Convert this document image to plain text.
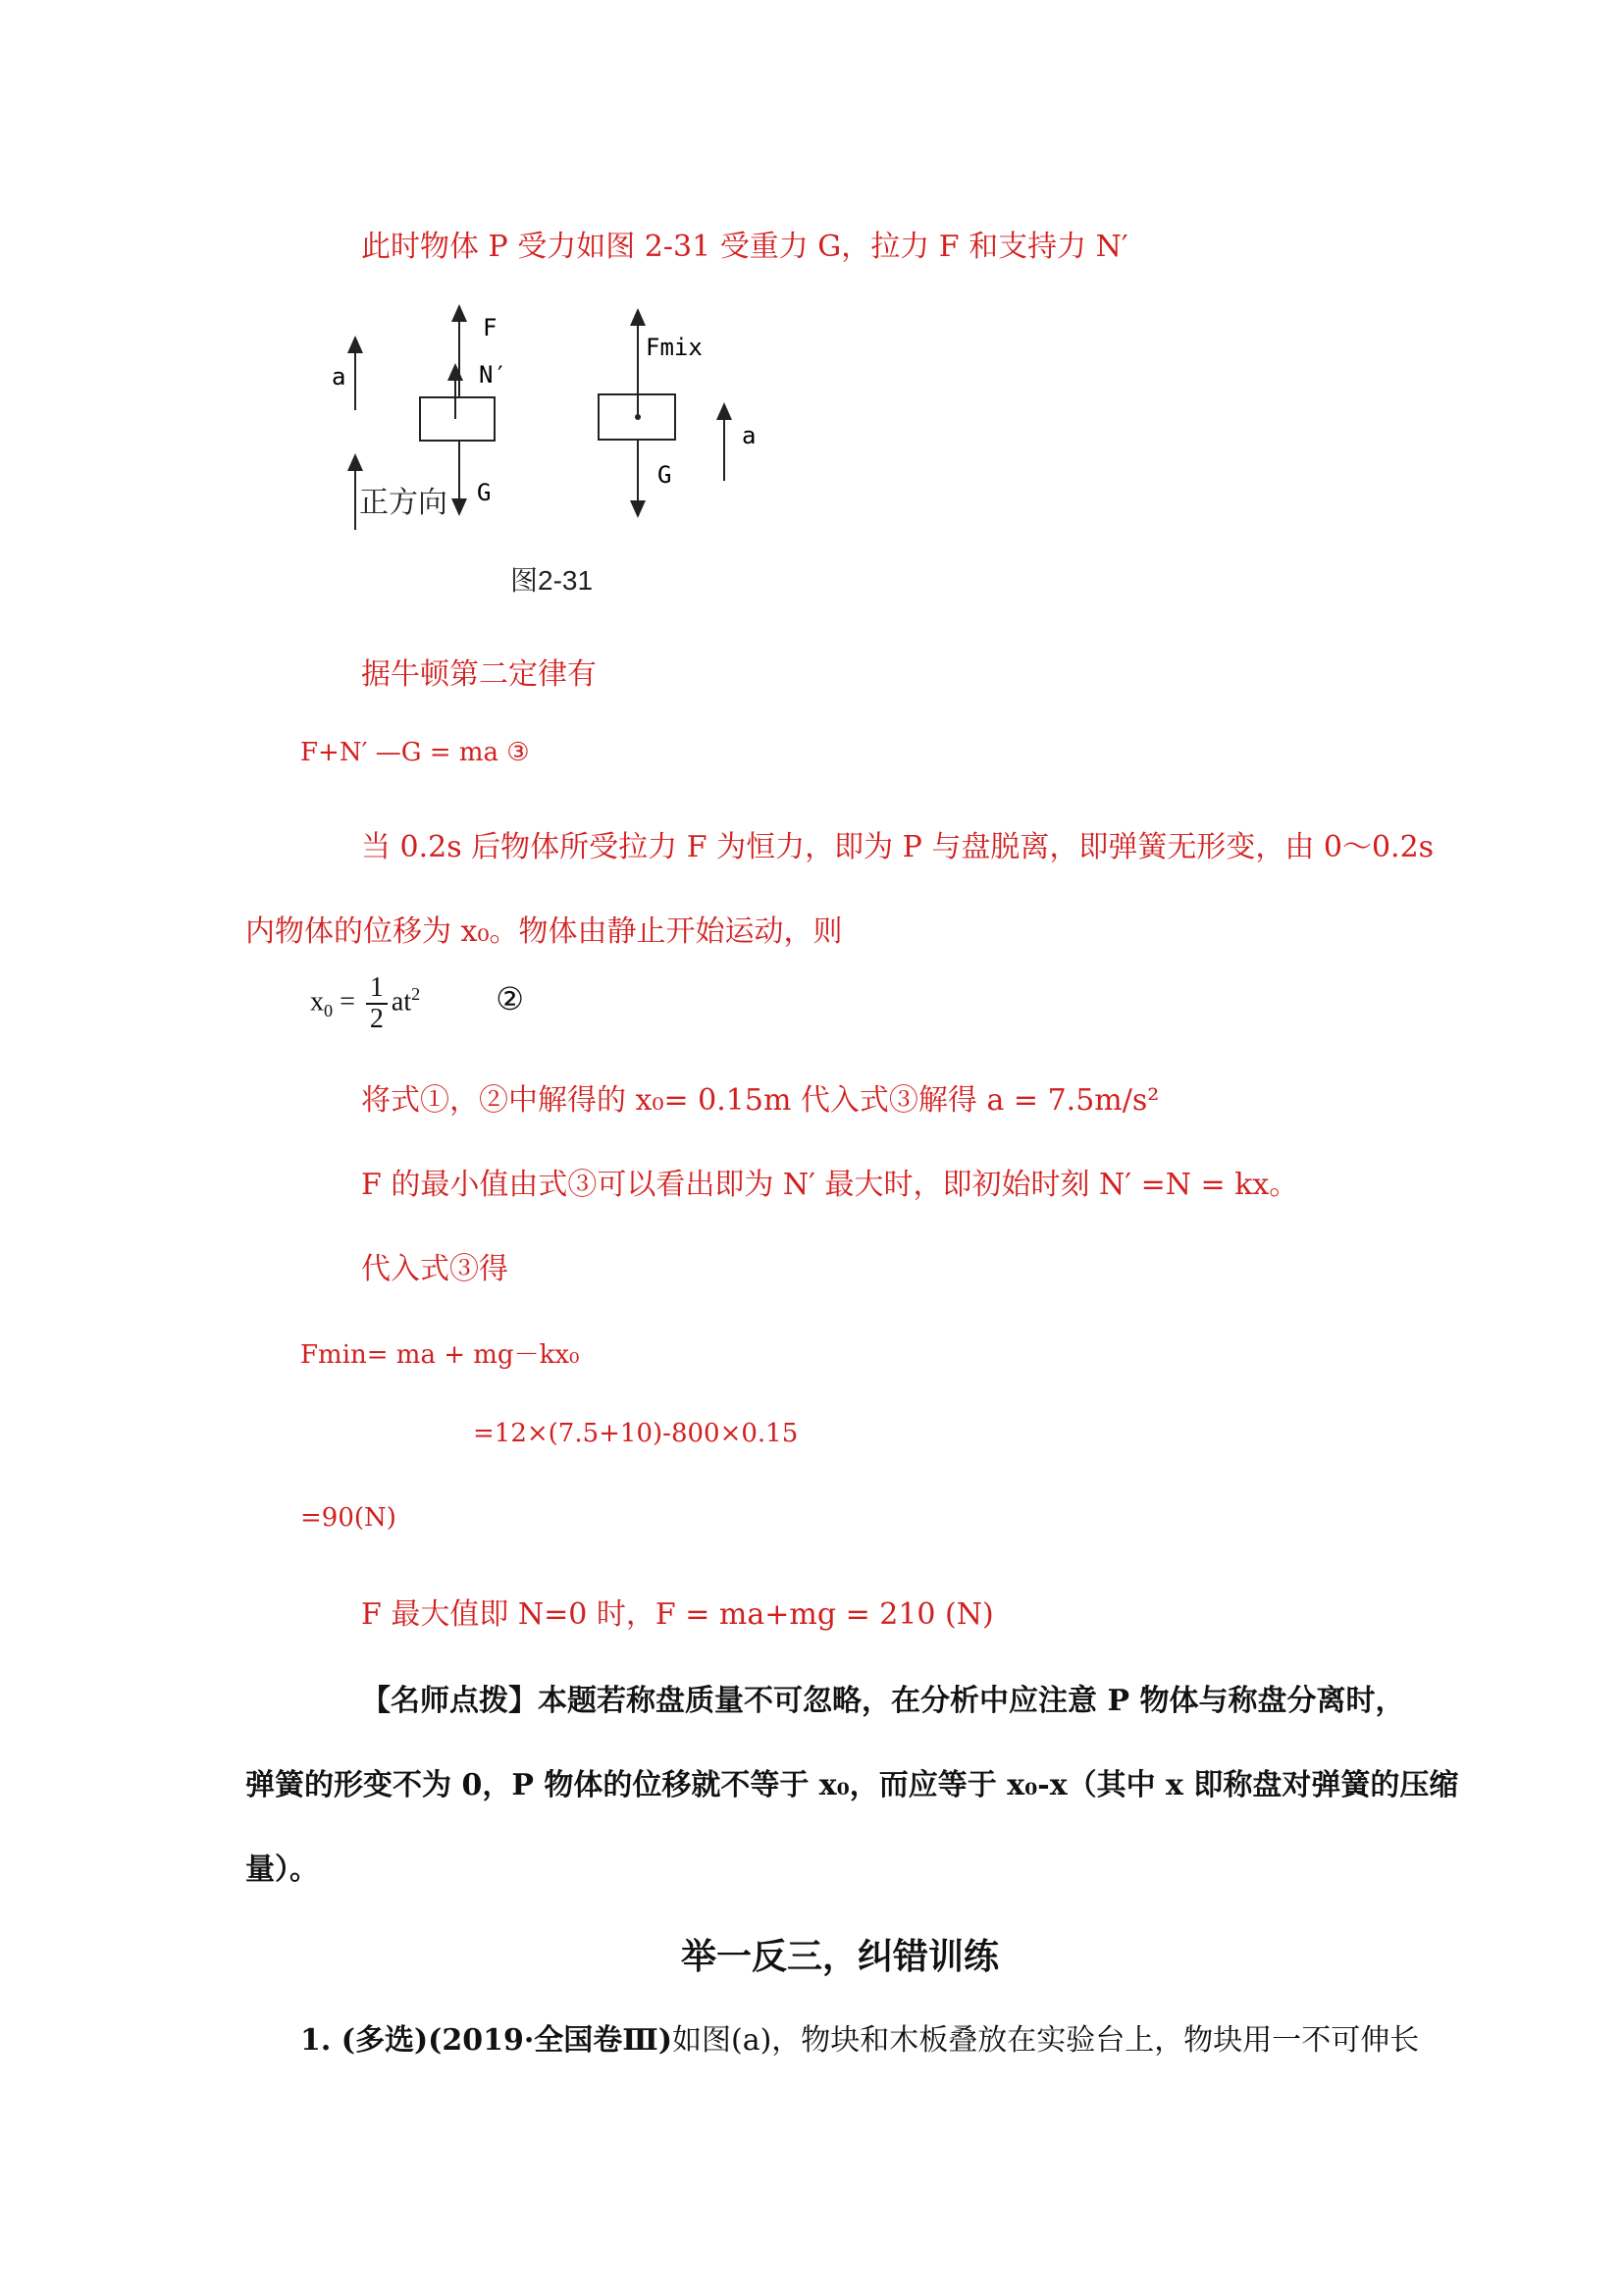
此时物体 P 受力如图 2-31 受重力 G，拉力 F 和支持力 N′
a
F
N′
G
正方向
Fmix
G
a
图2-31
据牛顿第二定律有
F+N′ —G = ma ③
当 0.2s 后物体所受拉力 F 为恒力，即为 P 与盘脱离，即弹簧无形变，由 0～0.2s
内物体的位移为 x₀。物体由静止开始运动，则
$x_0 = \frac{1}{2} at^2$ ②
将式①，②中解得的 x₀= 0.15m 代入式③解得 a = 7.5m/s²
F 的最小值由式③可以看出即为 N′ 最大时，即初始时刻 N′ =N = kx。
代入式③得
Fmin= ma + mg－kx₀
=12×(7.5+10)-800×0.15
=90(N)
F 最大值即 N=0 时，F = ma+mg = 210 (N)
【名师点拨】本题若称盘质量不可忽略，在分析中应注意 P 物体与称盘分离时，
弹簧的形变不为 0，P 物体的位移就不等于 x₀，而应等于 x₀-x（其中 x 即称盘对弹簧的压缩
量）。
举一反三，纠错训练
1. (多选)(2019·全国卷Ⅲ)如图(a)，物块和木板叠放在实验台上，物块用一不可伸长
